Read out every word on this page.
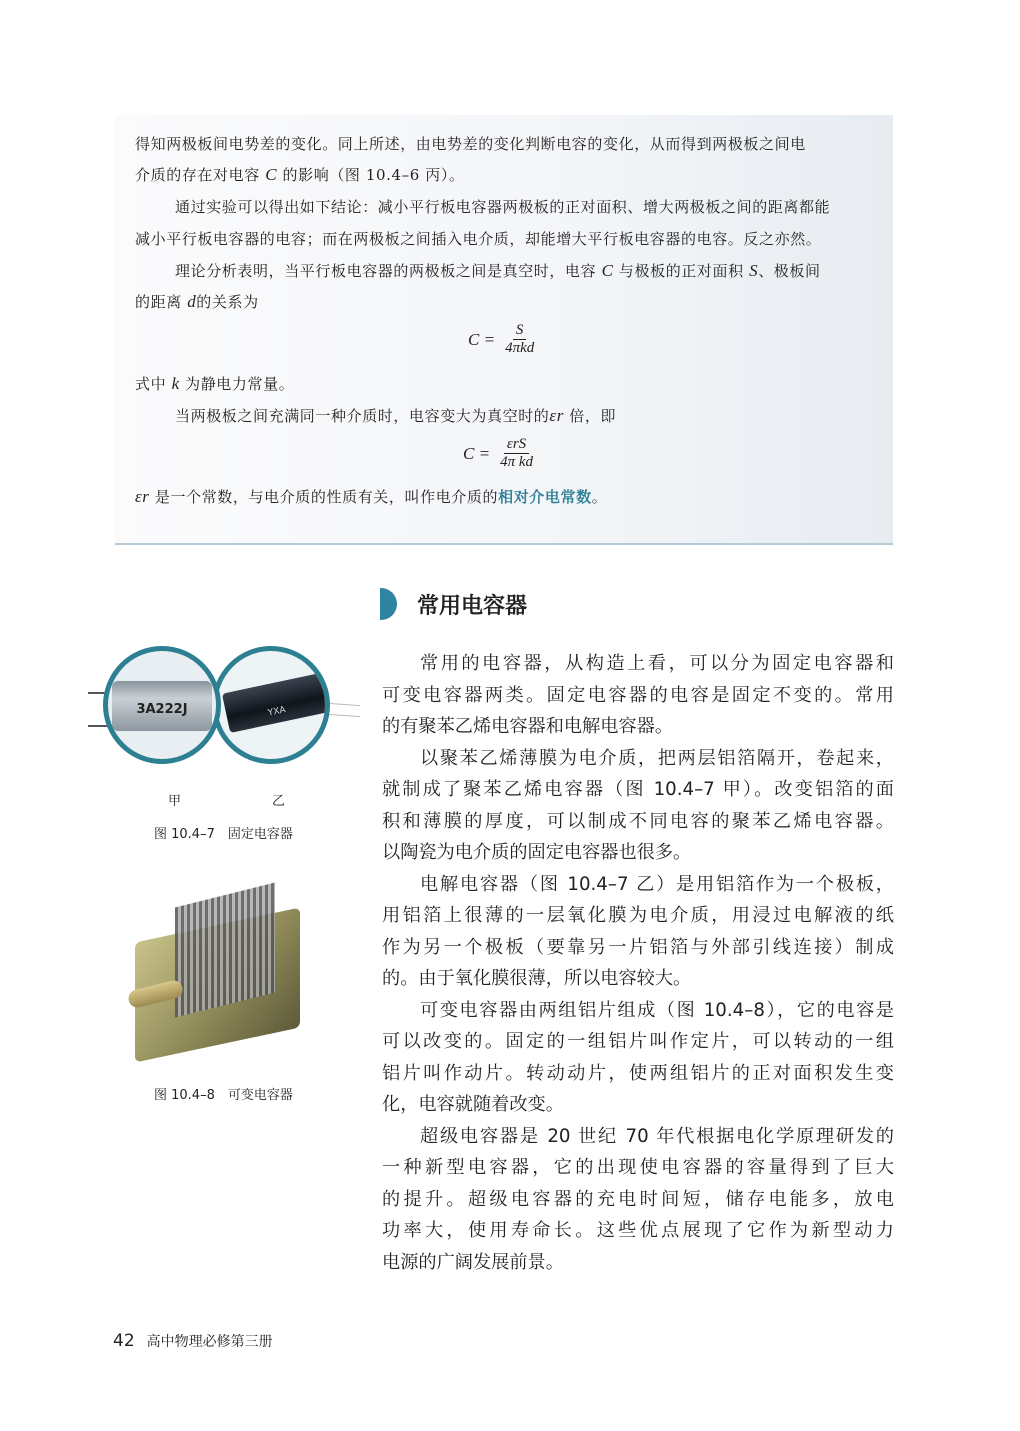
得知两极板间电势差的变化。同上所述，由电势差的变化判断电容的变化，从而得到两极板之间电
介质的存在对电容 C 的影响（图 10.4–6 丙）。
通过实验可以得出如下结论：减小平行板电容器两极板的正对面积、增大两极板之间的距离都能
减小平行板电容器的电容；而在两极板之间插入电介质，却能增大平行板电容器的电容。反之亦然。
理论分析表明，当平行板电容器的两极板之间是真空时，电容 C 与极板的正对面积 S、极板间
的距离 d的关系为
$C = \frac{S}{\text{4πkd}}$
式中 k 为静电力常量。
当两极板之间充满同一种介质时，电容变大为真空时的εr 倍，即
$C = \frac{\text{εrS}}{\text{4π kd}}$
εr 是一个常数，与电介质的性质有关，叫作电介质的相对介电常数。
常用电容器
常用的电容器，从构造上看，可以分为固定电容器和
可变电容器两类。固定电容器的电容是固定不变的。常用
的有聚苯乙烯电容器和电解电容器。
以聚苯乙烯薄膜为电介质，把两层铝箔隔开，卷起来，
就制成了聚苯乙烯电容器（图 10.4–7 甲）。改变铝箔的面
积和薄膜的厚度，可以制成不同电容的聚苯乙烯电容器。
以陶瓷为电介质的固定电容器也很多。
电解电容器（图 10.4–7 乙）是用铝箔作为一个极板，
用铝箔上很薄的一层氧化膜为电介质，用浸过电解液的纸
作为另一个极板（要靠另一片铝箔与外部引线连接）制成
的。由于氧化膜很薄，所以电容较大。
可变电容器由两组铝片组成（图 10.4–8），它的电容是
可以改变的。固定的一组铝片叫作定片，可以转动的一组
铝片叫作动片。转动动片，使两组铝片的正对面积发生变
化，电容就随着改变。
超级电容器是 20 世纪 70 年代根据电化学原理研发的
一种新型电容器，它的出现使电容器的容量得到了巨大
的提升。超级电容器的充电时间短，储存电能多，放电
功率大，使用寿命长。这些优点展现了它作为新型动力
电源的广阔发展前景。
YXA
3A222J
甲	乙
图 10.4–7　固定电容器
图 10.4–8　可变电容器
42 高中物理必修第三册
